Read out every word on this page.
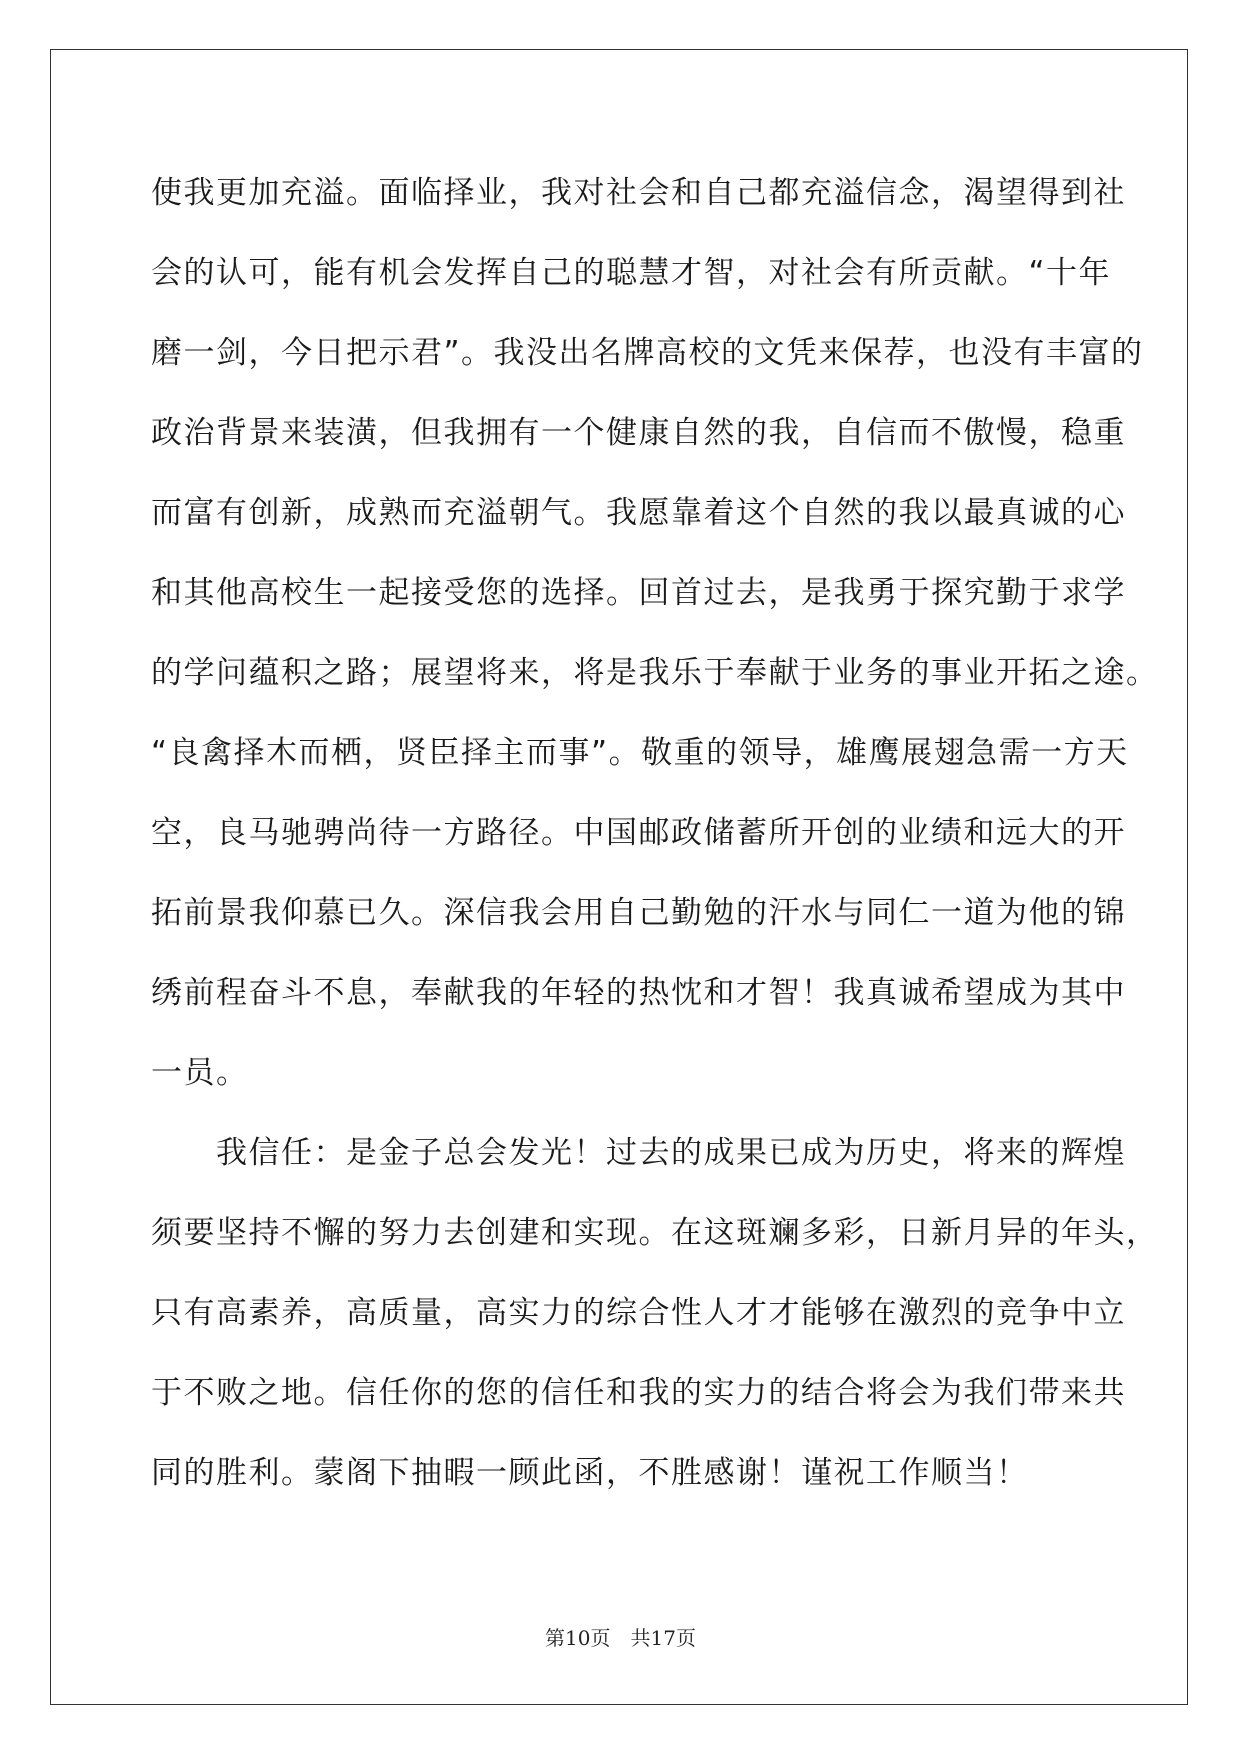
使我更加充溢。面临择业，我对社会和自己都充溢信念，渴望得到社
会的认可，能有机会发挥自己的聪慧才智，对社会有所贡献。“十年
磨一剑，今日把示君”。我没出名牌高校的文凭来保荐，也没有丰富的
政治背景来装潢，但我拥有一个健康自然的我，自信而不傲慢，稳重
而富有创新，成熟而充溢朝气。我愿靠着这个自然的我以最真诚的心
和其他高校生一起接受您的选择。回首过去，是我勇于探究勤于求学
的学问蕴积之路；展望将来，将是我乐于奉献于业务的事业开拓之途。
“良禽择木而栖，贤臣择主而事”。敬重的领导，雄鹰展翅急需一方天
空，良马驰骋尚待一方路径。中国邮政储蓄所开创的业绩和远大的开
拓前景我仰慕已久。深信我会用自己勤勉的汗水与同仁一道为他的锦
绣前程奋斗不息，奉献我的年轻的热忱和才智！我真诚希望成为其中
一员。
　　我信任：是金子总会发光！过去的成果已成为历史，将来的辉煌
须要坚持不懈的努力去创建和实现。在这斑斓多彩，日新月异的年头，
只有高素养，高质量，高实力的综合性人才才能够在激烈的竞争中立
于不败之地。信任你的您的信任和我的实力的结合将会为我们带来共
同的胜利。蒙阁下抽暇一顾此函，不胜感谢！谨祝工作顺当！
第10页 共17页
